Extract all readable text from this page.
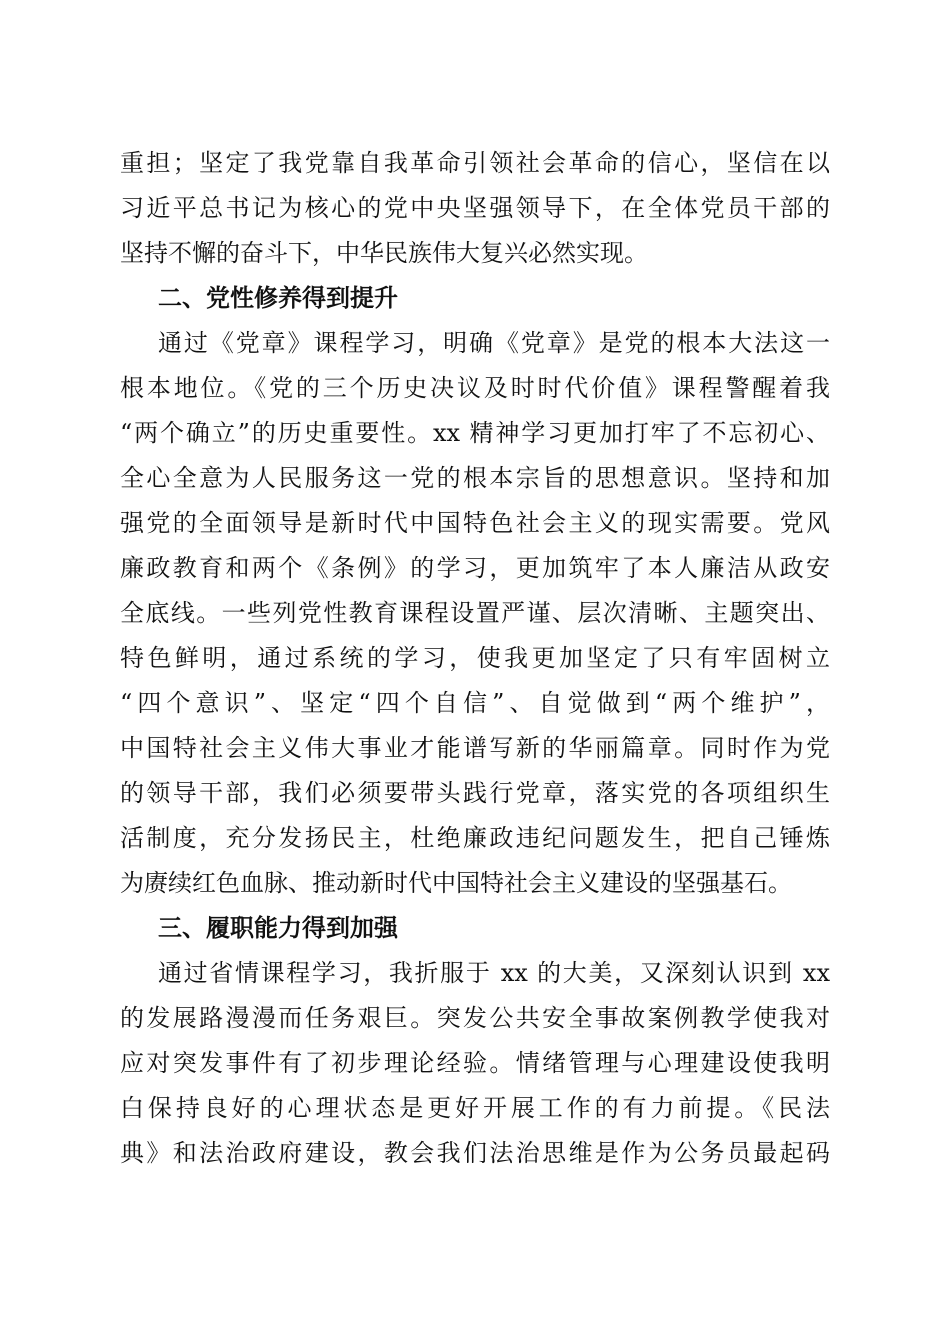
重担；坚定了我党靠自我革命引领社会革命的信心，坚信在以
习近平总书记为核心的党中央坚强领导下，在全体党员干部的
坚持不懈的奋斗下，中华民族伟大复兴必然实现。
二、党性修养得到提升
通过《党章》课程学习，明确《党章》是党的根本大法这一
根本地位。《党的三个历史决议及时时代价值》课程警醒着我
“两个确立”的历史重要性。xx 精神学习更加打牢了不忘初心、
全心全意为人民服务这一党的根本宗旨的思想意识。坚持和加
强党的全面领导是新时代中国特色社会主义的现实需要。党风
廉政教育和两个《条例》的学习，更加筑牢了本人廉洁从政安
全底线。一些列党性教育课程设置严谨、层次清晰、主题突出、
特色鲜明，通过系统的学习，使我更加坚定了只有牢固树立
“四个意识”、坚定“四个自信”、自觉做到“两个维护”，
中国特社会主义伟大事业才能谱写新的华丽篇章。同时作为党
的领导干部，我们必须要带头践行党章，落实党的各项组织生
活制度，充分发扬民主，杜绝廉政违纪问题发生，把自己锤炼
为赓续红色血脉、推动新时代中国特社会主义建设的坚强基石。
三、履职能力得到加强
通过省情课程学习，我折服于 xx 的大美，又深刻认识到 xx
的发展路漫漫而任务艰巨。突发公共安全事故案例教学使我对
应对突发事件有了初步理论经验。情绪管理与心理建设使我明
白保持良好的心理状态是更好开展工作的有力前提。《民法
典》和法治政府建设，教会我们法治思维是作为公务员最起码
